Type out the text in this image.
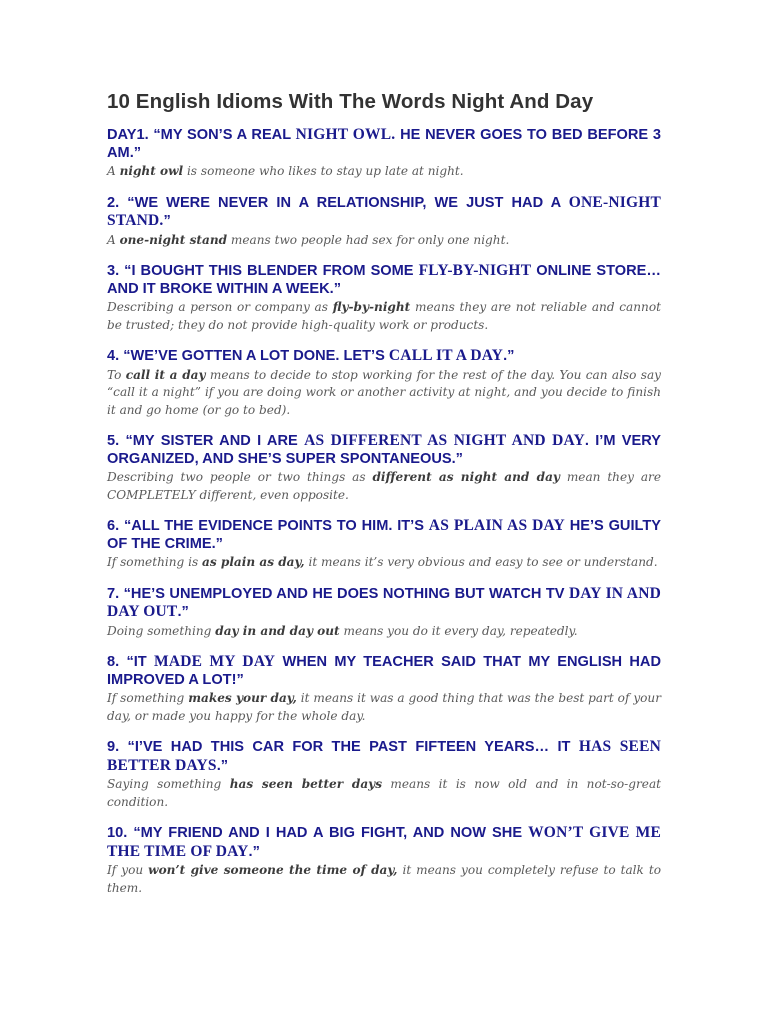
10 English Idioms With The Words Night And Day

DAY1. “MY SON’S A REAL NIGHT OWL. HE NEVER GOES TO BED BEFORE 3 AM.”

A night owl is someone who likes to stay up late at night.

2. “WE WERE NEVER IN A RELATIONSHIP, WE JUST HAD A ONE-NIGHT STAND.”

A one-night stand means two people had sex for only one night.

3. “I BOUGHT THIS BLENDER FROM SOME FLY-BY-NIGHT ONLINE STORE… AND IT BROKE WITHIN A WEEK.”

Describing a person or company as fly-by-night means they are not reliable and cannot be trusted; they do not provide high-quality work or products.

4. “WE’VE GOTTEN A LOT DONE. LET’S CALL IT A DAY.”

To call it a day means to decide to stop working for the rest of the day. You can also say “call it a night” if you are doing work or another activity at night, and you decide to finish it and go home (or go to bed).

5. “MY SISTER AND I ARE AS DIFFERENT AS NIGHT AND DAY. I’M VERY ORGANIZED, AND SHE’S SUPER SPONTANEOUS.”

Describing two people or two things as different as night and day mean they are COMPLETELY different, even opposite.

6. “ALL THE EVIDENCE POINTS TO HIM. IT’S AS PLAIN AS DAY HE’S GUILTY OF THE CRIME.”

If something is as plain as day, it means it’s very obvious and easy to see or understand.

7. “HE’S UNEMPLOYED AND HE DOES NOTHING BUT WATCH TV DAY IN AND DAY OUT.”

Doing something day in and day out means you do it every day, repeatedly.

8. “IT MADE MY DAY WHEN MY TEACHER SAID THAT MY ENGLISH HAD IMPROVED A LOT!”

If something makes your day, it means it was a good thing that was the best part of your day, or made you happy for the whole day.

9. “I’VE HAD THIS CAR FOR THE PAST FIFTEEN YEARS… IT HAS SEEN BETTER DAYS.”

Saying something has seen better days means it is now old and in not-so-great condition.

10. “MY FRIEND AND I HAD A BIG FIGHT, AND NOW SHE WON’T GIVE ME THE TIME OF DAY.”

If you won’t give someone the time of day, it means you completely refuse to talk to them.
